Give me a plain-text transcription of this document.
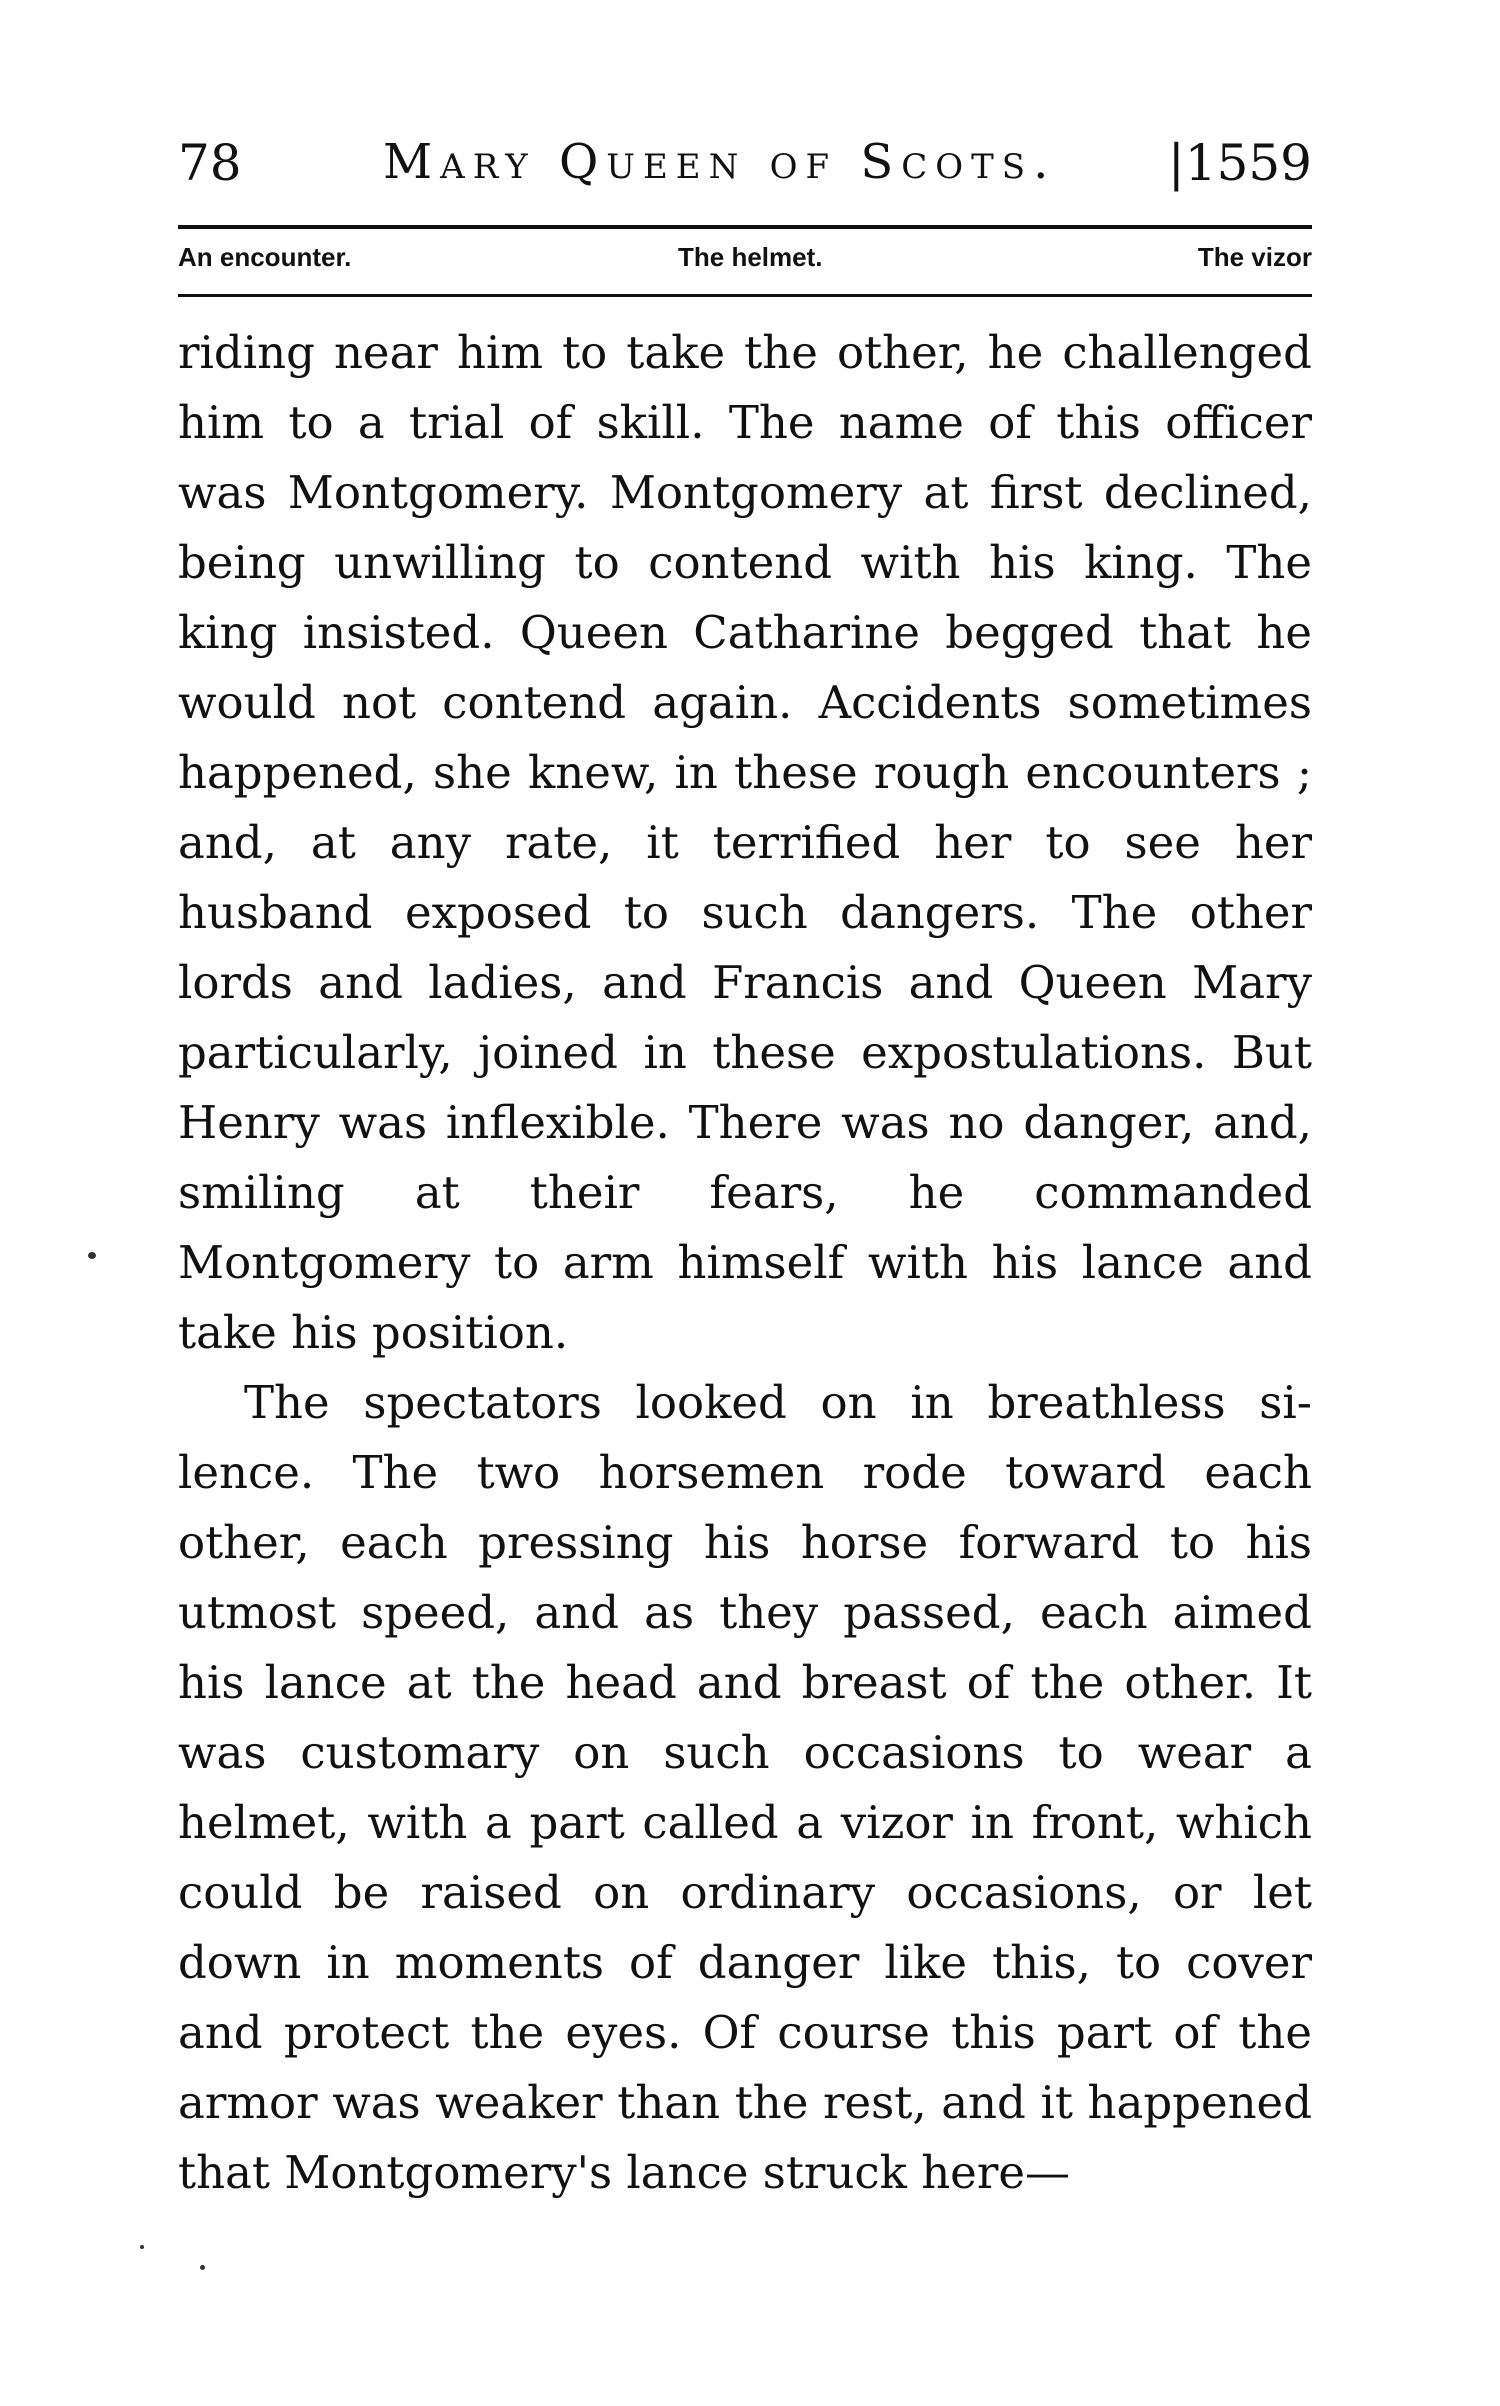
78	Mary Queen of Scots. |1559
An encounter.	The helmet.	The vizor

riding near him to take the other, he challenged him to a trial of skill. The name of this officer was Montgomery. Montgomery at first declined, being unwilling to contend with his king. The king insisted. Queen Catharine begged that he would not contend again. Accidents sometimes happened, she knew, in these rough encounters ; and, at any rate, it terrified her to see her husband exposed to such dangers. The other lords and ladies, and Francis and Queen Mary particularly, joined in these expostulations. But Henry was inflexible. There was no danger, and, smiling at their fears, he commanded Montgomery to arm himself with his lance and take his position.

The spectators looked on in breathless silence. The two horsemen rode toward each other, each pressing his horse forward to his utmost speed, and as they passed, each aimed his lance at the head and breast of the other. It was customary on such occasions to wear a helmet, with a part called a vizor in front, which could be raised on ordinary occasions, or let down in moments of danger like this, to cover and protect the eyes. Of course this part of the armor was weaker than the rest, and it happened that Montgomery's lance struck here—
